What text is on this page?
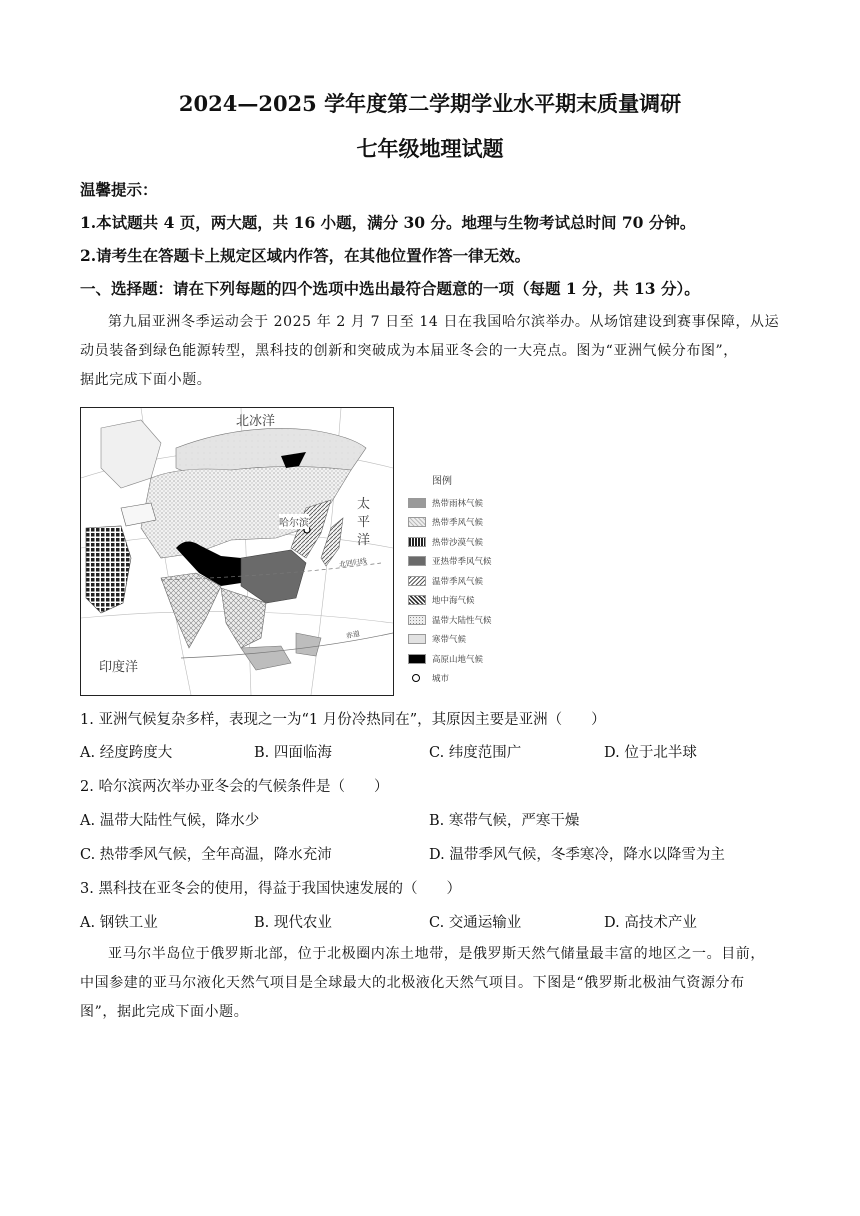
2024—2025 学年度第二学期学业水平期末质量调研
七年级地理试题
温馨提示：
1.本试题共 4 页，两大题，共 16 小题，满分 30 分。地理与生物考试总时间 70 分钟。
2.请考生在答题卡上规定区域内作答，在其他位置作答一律无效。
一、选择题：请在下列每题的四个选项中选出最符合题意的一项（每题 1 分，共 13 分）。
第九届亚洲冬季运动会于 2025 年 2 月 7 日至 14 日在我国哈尔滨举办。从场馆建设到赛事保障，从运
动员装备到绿色能源转型，黑科技的创新和突破成为本届亚冬会的一大亮点。图为“亚洲气候分布图”，
据此完成下面小题。
北冰洋
太
平
洋
印度洋
哈尔滨
北回归线
赤道
图例
热带雨林气候
热带季风气候
热带沙漠气候
亚热带季风气候
温带季风气候
地中海气候
温带大陆性气候
寒带气候
高原山地气候
城市
1. 亚洲气候复杂多样，表现之一为“1 月份冷热同在”，其原因主要是亚洲（　　）
A. 经度跨度大	B. 四面临海	C. 纬度范围广	D. 位于北半球
2. 哈尔滨两次举办亚冬会的气候条件是（　　）
A. 温带大陆性气候，降水少	B. 寒带气候，严寒干燥
C. 热带季风气候，全年高温，降水充沛	D. 温带季风气候，冬季寒冷，降水以降雪为主
3. 黑科技在亚冬会的使用，得益于我国快速发展的（　　）
A. 钢铁工业	B. 现代农业	C. 交通运输业	D. 高技术产业
亚马尔半岛位于俄罗斯北部，位于北极圈内冻土地带，是俄罗斯天然气储量最丰富的地区之一。目前，
中国参建的亚马尔液化天然气项目是全球最大的北极液化天然气项目。下图是“俄罗斯北极油气资源分布
图”，据此完成下面小题。
